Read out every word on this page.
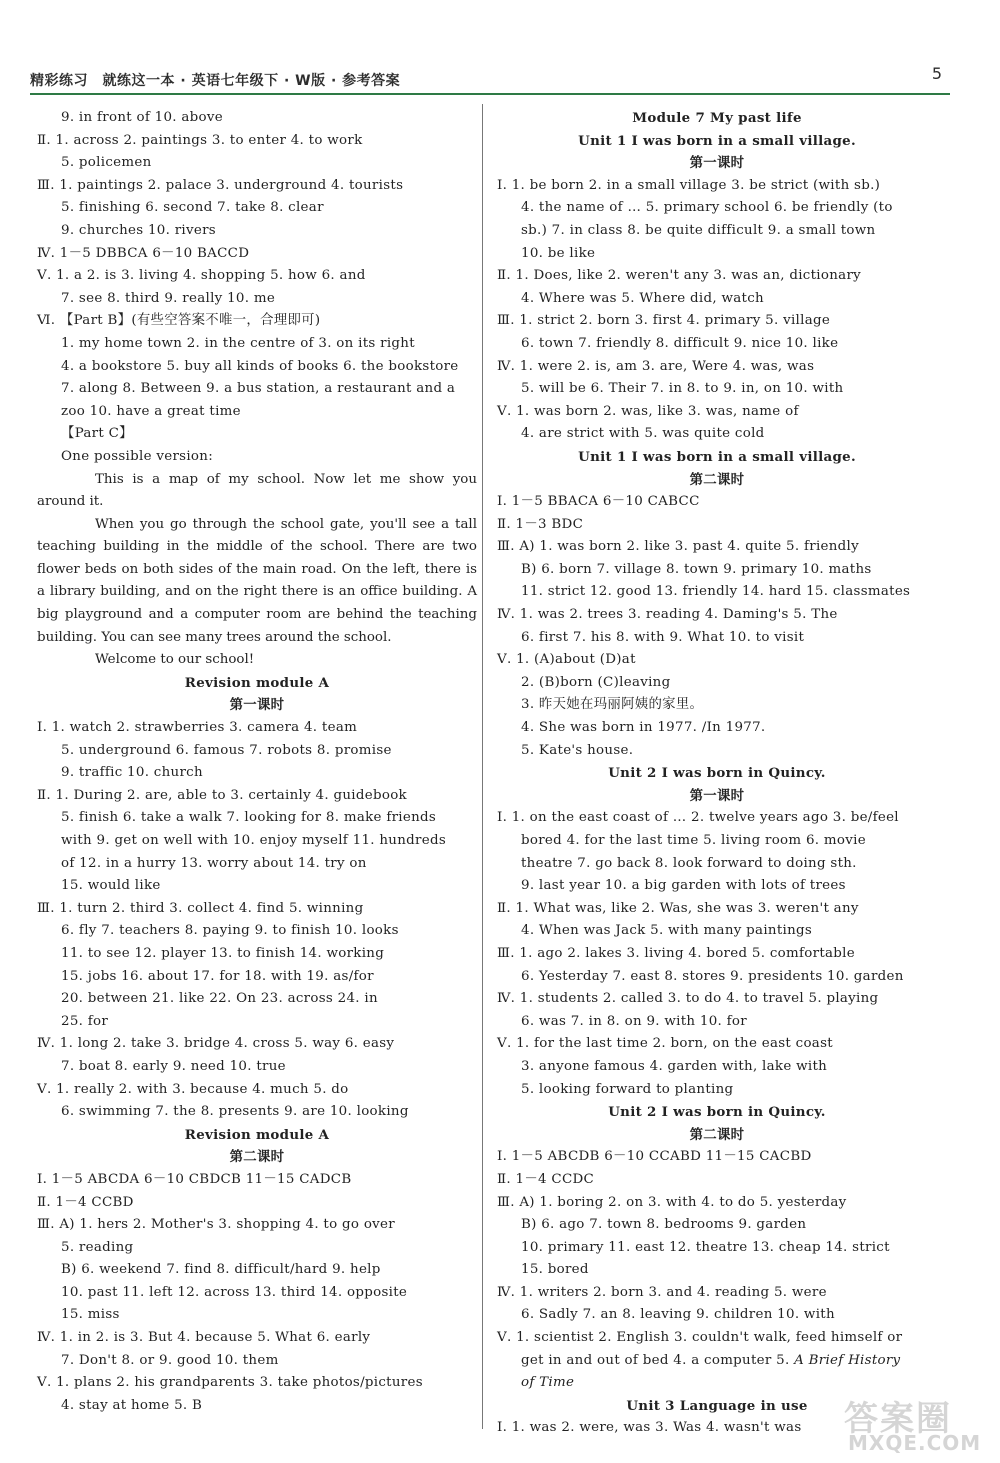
精彩练习　就练这一本 · 英语七年级下 · W版 · 参考答案	5
9. in front of 10. above
Ⅱ. 1. across 2. paintings 3. to enter 4. to work
5. policemen
Ⅲ. 1. paintings 2. palace 3. underground 4. tourists
5. finishing 6. second 7. take 8. clear
9. churches 10. rivers
Ⅳ. 1－5 DBBCA 6－10 BACCD
Ⅴ. 1. a 2. is 3. living 4. shopping 5. how 6. and
7. see 8. third 9. really 10. me
Ⅵ. 【Part B】(有些空答案不唯一，合理即可)
1. my home town 2. in the centre of 3. on its right
4. a bookstore 5. buy all kinds of books 6. the bookstore
7. along 8. Between 9. a bus station, a restaurant and a
zoo 10. have a great time
【Part C】
One possible version:
This is a map of my school. Now let me show you around it.
When you go through the school gate, you'll see a tall teaching building in the middle of the school. There are two flower beds on both sides of the main road. On the left, there is a library building, and on the right there is an office building. A big playground and a computer room are behind the teaching building. You can see many trees around the school.
Welcome to our school!
Revision module A
第一课时
Ⅰ. 1. watch 2. strawberries 3. camera 4. team
5. underground 6. famous 7. robots 8. promise
9. traffic 10. church
Ⅱ. 1. During 2. are, able to 3. certainly 4. guidebook
5. finish 6. take a walk 7. looking for 8. make friends
with 9. get on well with 10. enjoy myself 11. hundreds
of 12. in a hurry 13. worry about 14. try on
15. would like
Ⅲ. 1. turn 2. third 3. collect 4. find 5. winning
6. fly 7. teachers 8. paying 9. to finish 10. looks
11. to see 12. player 13. to finish 14. working
15. jobs 16. about 17. for 18. with 19. as/for
20. between 21. like 22. On 23. across 24. in
25. for
Ⅳ. 1. long 2. take 3. bridge 4. cross 5. way 6. easy
7. boat 8. early 9. need 10. true
Ⅴ. 1. really 2. with 3. because 4. much 5. do
6. swimming 7. the 8. presents 9. are 10. looking
Revision module A
第二课时
Ⅰ. 1－5 ABCDA 6－10 CBDCB 11－15 CADCB
Ⅱ. 1－4 CCBD
Ⅲ. A) 1. hers 2. Mother's 3. shopping 4. to go over
5. reading
B) 6. weekend 7. find 8. difficult/hard 9. help
10. past 11. left 12. across 13. third 14. opposite
15. miss
Ⅳ. 1. in 2. is 3. But 4. because 5. What 6. early
7. Don't 8. or 9. good 10. them
Ⅴ. 1. plans 2. his grandparents 3. take photos/pictures
4. stay at home 5. B
Module 7 My past life
Unit 1 I was born in a small village.
第一课时
Ⅰ. 1. be born 2. in a small village 3. be strict (with sb.)
4. the name of … 5. primary school 6. be friendly (to
sb.) 7. in class 8. be quite difficult 9. a small town
10. be like
Ⅱ. 1. Does, like 2. weren't any 3. was an, dictionary
4. Where was 5. Where did, watch
Ⅲ. 1. strict 2. born 3. first 4. primary 5. village
6. town 7. friendly 8. difficult 9. nice 10. like
Ⅳ. 1. were 2. is, am 3. are, Were 4. was, was
5. will be 6. Their 7. in 8. to 9. in, on 10. with
Ⅴ. 1. was born 2. was, like 3. was, name of
4. are strict with 5. was quite cold
Unit 1 I was born in a small village.
第二课时
Ⅰ. 1－5 BBACA 6－10 CABCC
Ⅱ. 1－3 BDC
Ⅲ. A) 1. was born 2. like 3. past 4. quite 5. friendly
B) 6. born 7. village 8. town 9. primary 10. maths
11. strict 12. good 13. friendly 14. hard 15. classmates
Ⅳ. 1. was 2. trees 3. reading 4. Daming's 5. The
6. first 7. his 8. with 9. What 10. to visit
Ⅴ. 1. (A)about (D)at
2. (B)born (C)leaving
3. 昨天她在玛丽阿姨的家里。
4. She was born in 1977. /In 1977.
5. Kate's house.
Unit 2 I was born in Quincy.
第一课时
Ⅰ. 1. on the east coast of … 2. twelve years ago 3. be/feel
bored 4. for the last time 5. living room 6. movie
theatre 7. go back 8. look forward to doing sth.
9. last year 10. a big garden with lots of trees
Ⅱ. 1. What was, like 2. Was, she was 3. weren't any
4. When was Jack 5. with many paintings
Ⅲ. 1. ago 2. lakes 3. living 4. bored 5. comfortable
6. Yesterday 7. east 8. stores 9. presidents 10. garden
Ⅳ. 1. students 2. called 3. to do 4. to travel 5. playing
6. was 7. in 8. on 9. with 10. for
Ⅴ. 1. for the last time 2. born, on the east coast
3. anyone famous 4. garden with, lake with
5. looking forward to planting
Unit 2 I was born in Quincy.
第二课时
Ⅰ. 1－5 ABCDB 6－10 CCABD 11－15 CACBD
Ⅱ. 1－4 CCDC
Ⅲ. A) 1. boring 2. on 3. with 4. to do 5. yesterday
B) 6. ago 7. town 8. bedrooms 9. garden
10. primary 11. east 12. theatre 13. cheap 14. strict
15. bored
Ⅳ. 1. writers 2. born 3. and 4. reading 5. were
6. Sadly 7. an 8. leaving 9. children 10. with
Ⅴ. 1. scientist 2. English 3. couldn't walk, feed himself or
get in and out of bed 4. a computer 5. A Brief History
of Time
Unit 3 Language in use
Ⅰ. 1. was 2. were, was 3. Was 4. wasn't was	答案圈
MXQE.COM
